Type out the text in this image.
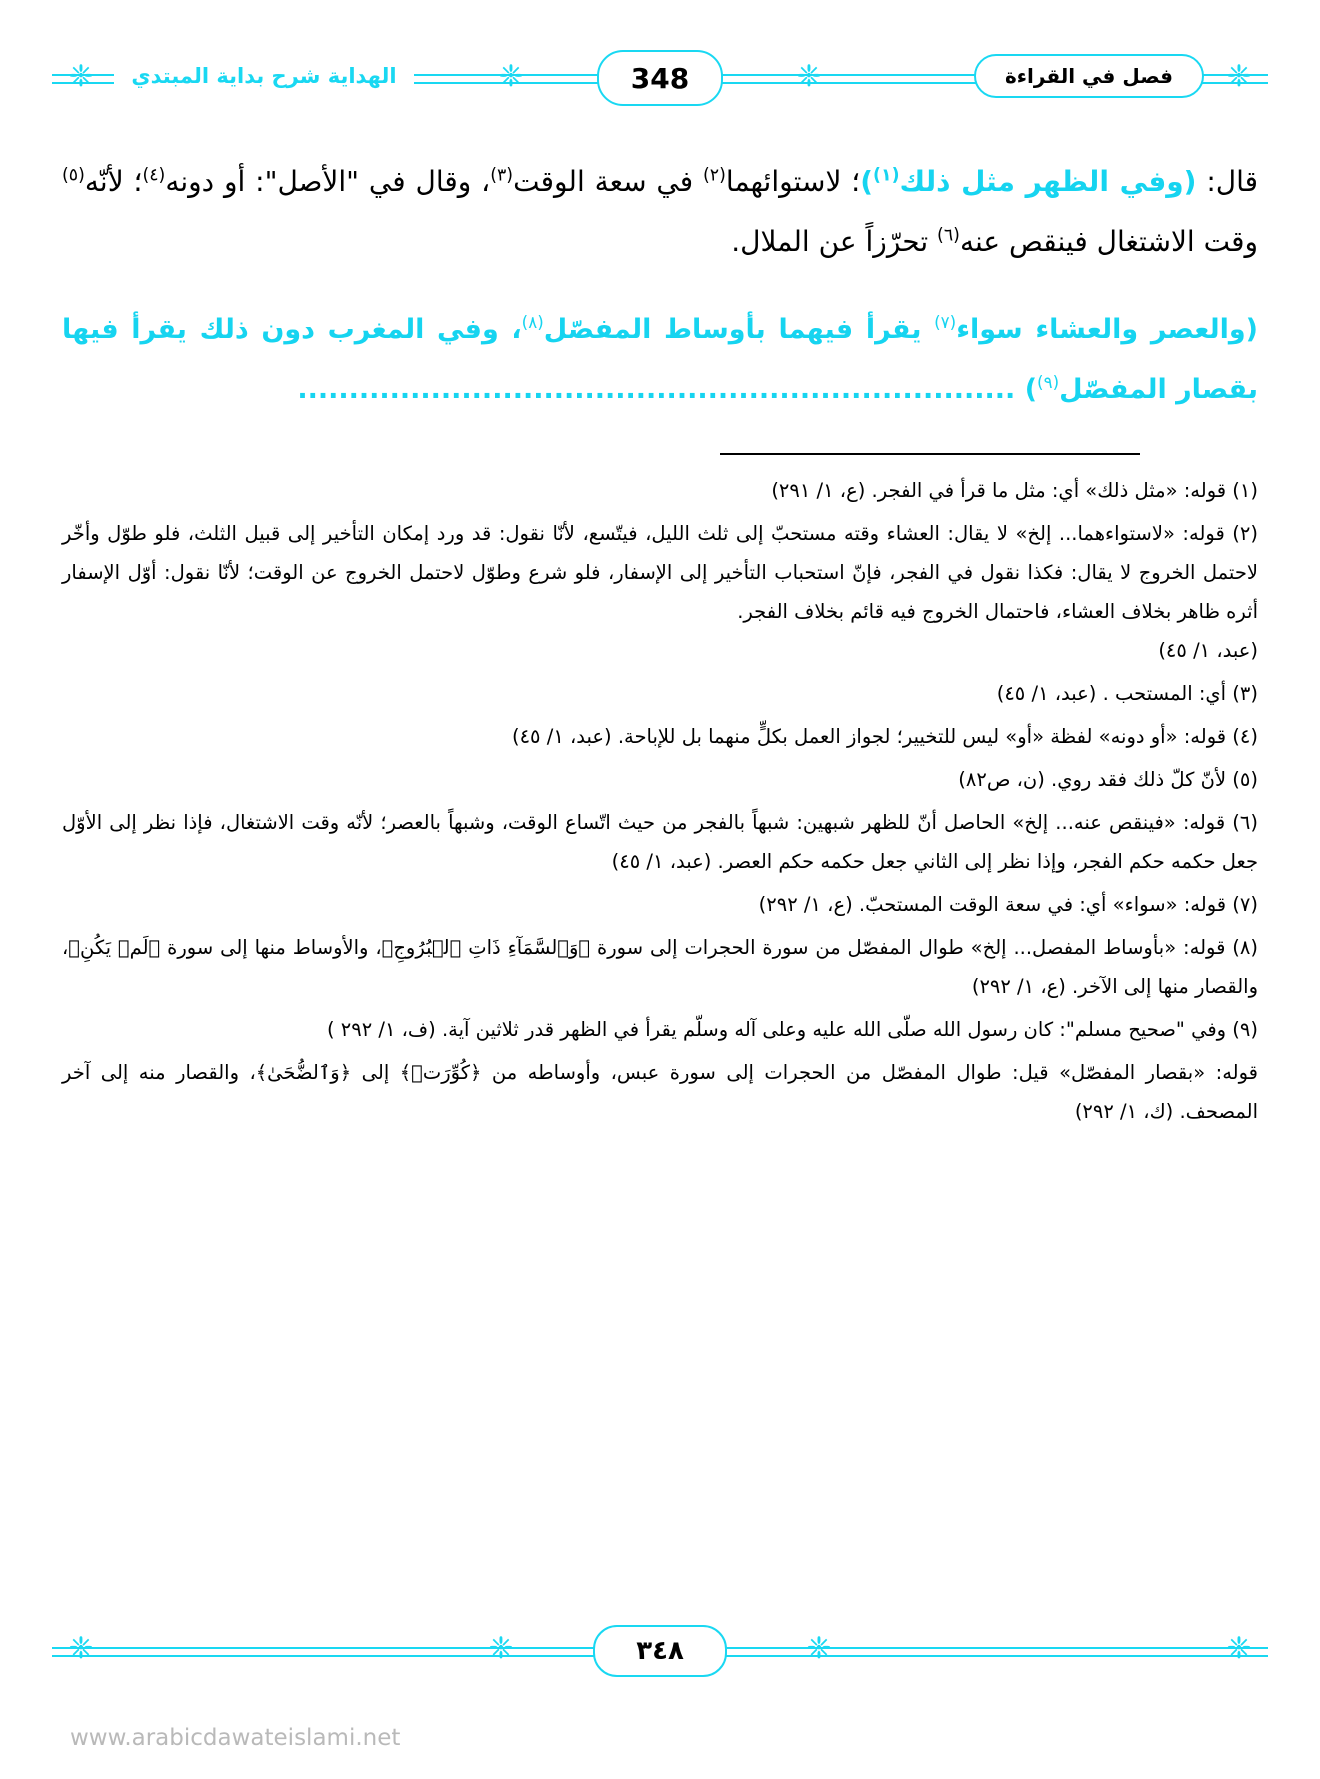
❈
❈
❈
❈	فصل في القراءة
348
الهداية شرح بداية المبتدي

قال: (وفي الظهر مثل ذلك$^{(١)}$)؛ لاستوائهما$^{(٢)}$ في سعة الوقت$^{(٣)}$، وقال في "الأصل": أو دونه$^{(٤)}$؛ لأنّه$^{(٥)}$ وقت الاشتغال فينقص عنه$^{(٦)}$ تحرّزاً عن الملال.

(والعصر والعشاء سواء$^{(٧)}$ يقرأ فيهما بأوساط المفصّل$^{(٨)}$، وفي المغرب دون ذلك يقرأ فيها بقصار المفصّل$^{(٩)}$) ......................................................................

(١) قوله: «مثل ذلك» أي: مثل ما قرأ في الفجر. (ع، ١/ ٢٩١)
(٢) قوله: «لاستواءهما... إلخ» لا يقال: العشاء وقته مستحبّ إلى ثلث الليل، فيتّسع، لأنّا نقول: قد ورد إمكان التأخير إلى قبيل الثلث، فلو طوّل وأخّر لاحتمل الخروج لا يقال: فكذا نقول في الفجر، فإنّ استحباب التأخير إلى الإسفار، فلو شرع وطوّل لاحتمل الخروج عن الوقت؛ لأنّا نقول: أوّل الإسفار أثره ظاهر بخلاف العشاء، فاحتمال الخروج فيه قائم بخلاف الفجر.
(عبد، ١/ ٤٥)
(٣) أي: المستحب . (عبد، ١/ ٤٥)
(٤) قوله: «أو دونه» لفظة «أو» ليس للتخيير؛ لجواز العمل بكلٍّ منهما بل للإباحة. (عبد، ١/ ٤٥)
(٥) لأنّ كلّ ذلك فقد روي. (ن، ص٨٢)
(٦) قوله: «فينقص عنه... إلخ» الحاصل أنّ للظهر شبهين: شبهاً بالفجر من حيث اتّساع الوقت، وشبهاً بالعصر؛ لأنّه وقت الاشتغال، فإذا نظر إلى الأوّل جعل حكمه حكم الفجر، وإذا نظر إلى الثاني جعل حكمه حكم العصر. (عبد، ١/ ٤٥)
(٧) قوله: «سواء» أي: في سعة الوقت المستحبّ. (ع، ١/ ٢٩٢)
(٨) قوله: «بأوساط المفصل... إلخ» طوال المفصّل من سورة الحجرات إلى سورة ﴿وَٱلسَّمَآءِ ذَاتِ ٱلۡبُرُوجِ﴾، والأوساط منها إلى سورة ﴿لَمۡ يَكُنِ﴾، والقصار منها إلى الآخر. (ع، ١/ ٢٩٢)
(٩) وفي "صحيح مسلم": كان رسول الله صلّى الله عليه وعلى آله وسلّم يقرأ في الظهر قدر ثلاثين آية. (ف، ١/ ٢٩٢ )
قوله: «بقصار المفصّل» قيل: طوال المفصّل من الحجرات إلى سورة عبس، وأوساطه من ﴿كُوِّرَتۡ﴾ إلى ﴿وَٱلضُّحَىٰ﴾، والقصار منه إلى آخر المصحف. (ك، ١/ ٢٩٢)
❈
❈
❈
❈	٣٤٨
www.arabicdawateislami.net
